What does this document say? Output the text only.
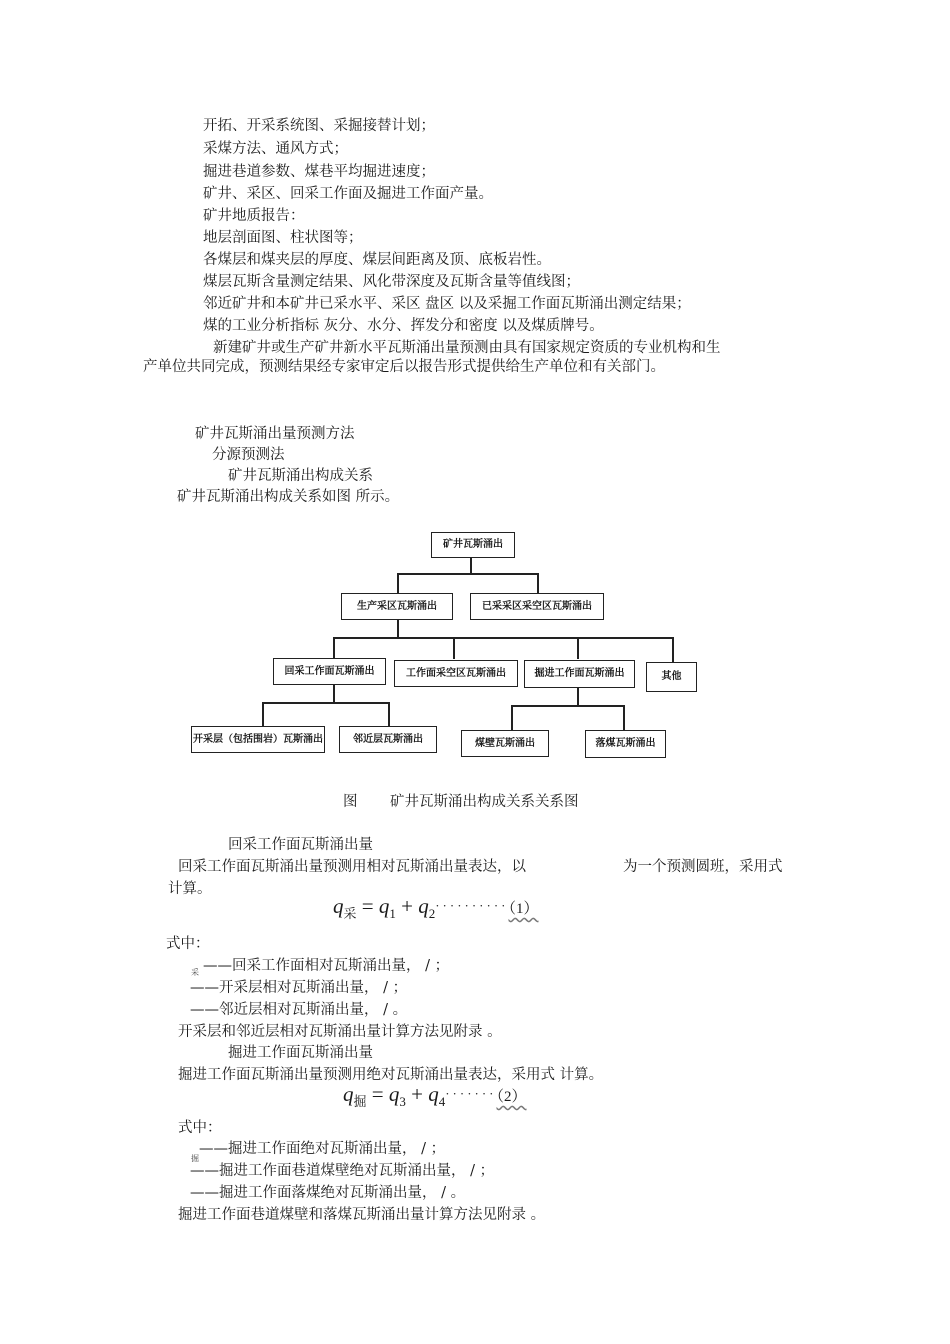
开拓、开采系统图、采掘接替计划；
采煤方法、通风方式；
掘进巷道参数、煤巷平均掘进速度；
矿井、采区、回采工作面及掘进工作面产量。
矿井地质报告：
地层剖面图、柱状图等；
各煤层和煤夹层的厚度、煤层间距离及顶、底板岩性。
煤层瓦斯含量测定结果、风化带深度及瓦斯含量等值线图；
邻近矿井和本矿井已采水平、采区 盘区 以及采掘工作面瓦斯涌出测定结果；
煤的工业分析指标 灰分、水分、挥发分和密度 以及煤质牌号。
新建矿井或生产矿井新水平瓦斯涌出量预测由具有国家规定资质的专业机构和生
产单位共同完成，预测结果经专家审定后以报告形式提供给生产单位和有关部门。
矿井瓦斯涌出量预测方法
分源预测法
矿井瓦斯涌出构成关系
矿井瓦斯涌出构成关系如图 所示。
矿井瓦斯涌出
生产采区瓦斯涌出	已采采区采空区瓦斯涌出
回采工作面瓦斯涌出	工作面采空区瓦斯涌出	掘进工作面瓦斯涌出	其他
开采层（包括围岩）瓦斯涌出	邻近层瓦斯涌出	煤壁瓦斯涌出	落煤瓦斯涌出
图 矿井瓦斯涌出构成关系关系图
回采工作面瓦斯涌出量
回采工作面瓦斯涌出量预测用相对瓦斯涌出量表达，以	为一个预测圆班，采用式
计算。
$q_采 = q_1 + q_2\cdot\cdot\cdot\cdot\cdot\cdot\cdot\cdot\cdot\cdot(1)$
式中：
采 ——回采工作面相对瓦斯涌出量， / ；
——开采层相对瓦斯涌出量， / ；
——邻近层相对瓦斯涌出量， / 。
开采层和邻近层相对瓦斯涌出量计算方法见附录 。
掘进工作面瓦斯涌出量
掘进工作面瓦斯涌出量预测用绝对瓦斯涌出量表达，采用式 计算。
$q_掘 = q_3 + q_4\cdot\cdot\cdot\cdot\cdot\cdot\cdot(2)$
式中：
掘
——掘进工作面绝对瓦斯涌出量， / ；
——掘进工作面巷道煤壁绝对瓦斯涌出量， / ；
——掘进工作面落煤绝对瓦斯涌出量， / 。
掘进工作面巷道煤壁和落煤瓦斯涌出量计算方法见附录 。
